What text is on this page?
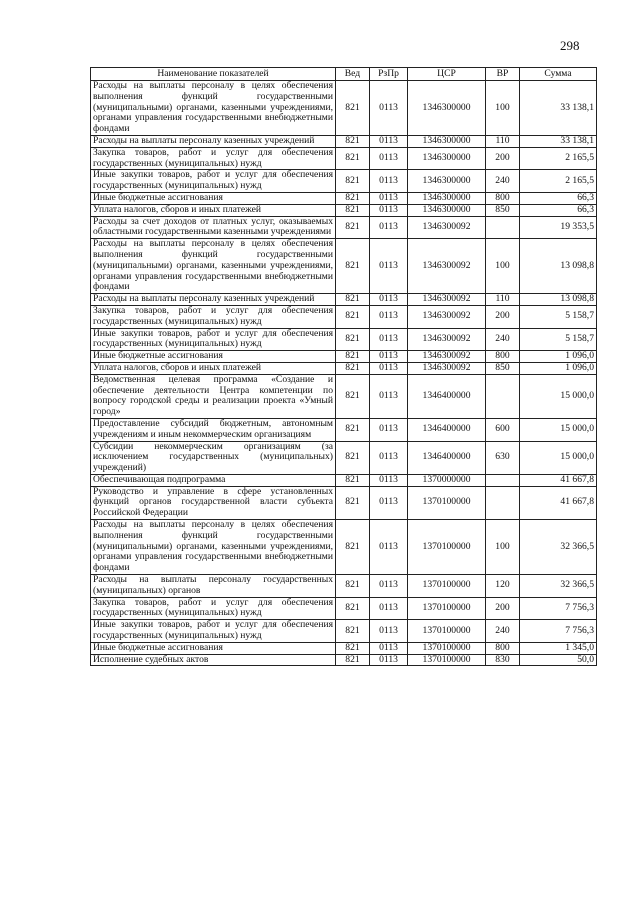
298
Наименование показателей	Вед	РзПр	ЦСР	ВР	Сумма
Расходы на выплаты персоналу в целях обеспечения выполнения функций государственными (муниципальными) органами, казенными учреждениями, органами управления государственными внебюджетными фондами	821	0113	1346300000	100	33 138,1
Расходы на выплаты персоналу казенных учреждений	821	0113	1346300000	110	33 138,1
Закупка товаров, работ и услуг для обеспечения государственных (муниципальных) нужд	821	0113	1346300000	200	2 165,5
Иные закупки товаров, работ и услуг для обеспечения государственных (муниципальных) нужд	821	0113	1346300000	240	2 165,5
Иные бюджетные ассигнования	821	0113	1346300000	800	66,3
Уплата налогов, сборов и иных платежей	821	0113	1346300000	850	66,3
Расходы за счет доходов от платных услуг, оказываемых областными государственными казенными учреждениями	821	0113	1346300092		19 353,5
Расходы на выплаты персоналу в целях обеспечения выполнения функций государственными (муниципальными) органами, казенными учреждениями, органами управления государственными внебюджетными фондами	821	0113	1346300092	100	13 098,8
Расходы на выплаты персоналу казенных учреждений	821	0113	1346300092	110	13 098,8
Закупка товаров, работ и услуг для обеспечения государственных (муниципальных) нужд	821	0113	1346300092	200	5 158,7
Иные закупки товаров, работ и услуг для обеспечения государственных (муниципальных) нужд	821	0113	1346300092	240	5 158,7
Иные бюджетные ассигнования	821	0113	1346300092	800	1 096,0
Уплата налогов, сборов и иных платежей	821	0113	1346300092	850	1 096,0
Ведомственная целевая программа «Создание и обеспечение деятельности Центра компетенции по вопросу городской среды и реализации проекта «Умный город»	821	0113	1346400000		15 000,0
Предоставление субсидий бюджетным, автономным учреждениям и иным некоммерческим организациям	821	0113	1346400000	600	15 000,0
Субсидии некоммерческим организациям (за исключением государственных (муниципальных) учреждений)	821	0113	1346400000	630	15 000,0
Обеспечивающая подпрограмма	821	0113	1370000000		41 667,8
Руководство и управление в сфере установленных функций органов государственной власти субъекта Российской Федерации	821	0113	1370100000		41 667,8
Расходы на выплаты персоналу в целях обеспечения выполнения функций государственными (муниципальными) органами, казенными учреждениями, органами управления государственными внебюджетными фондами	821	0113	1370100000	100	32 366,5
Расходы на выплаты персоналу государственных (муниципальных) органов	821	0113	1370100000	120	32 366,5
Закупка товаров, работ и услуг для обеспечения государственных (муниципальных) нужд	821	0113	1370100000	200	7 756,3
Иные закупки товаров, работ и услуг для обеспечения государственных (муниципальных) нужд	821	0113	1370100000	240	7 756,3
Иные бюджетные ассигнования	821	0113	1370100000	800	1 345,0
Исполнение судебных актов	821	0113	1370100000	830	50,0
